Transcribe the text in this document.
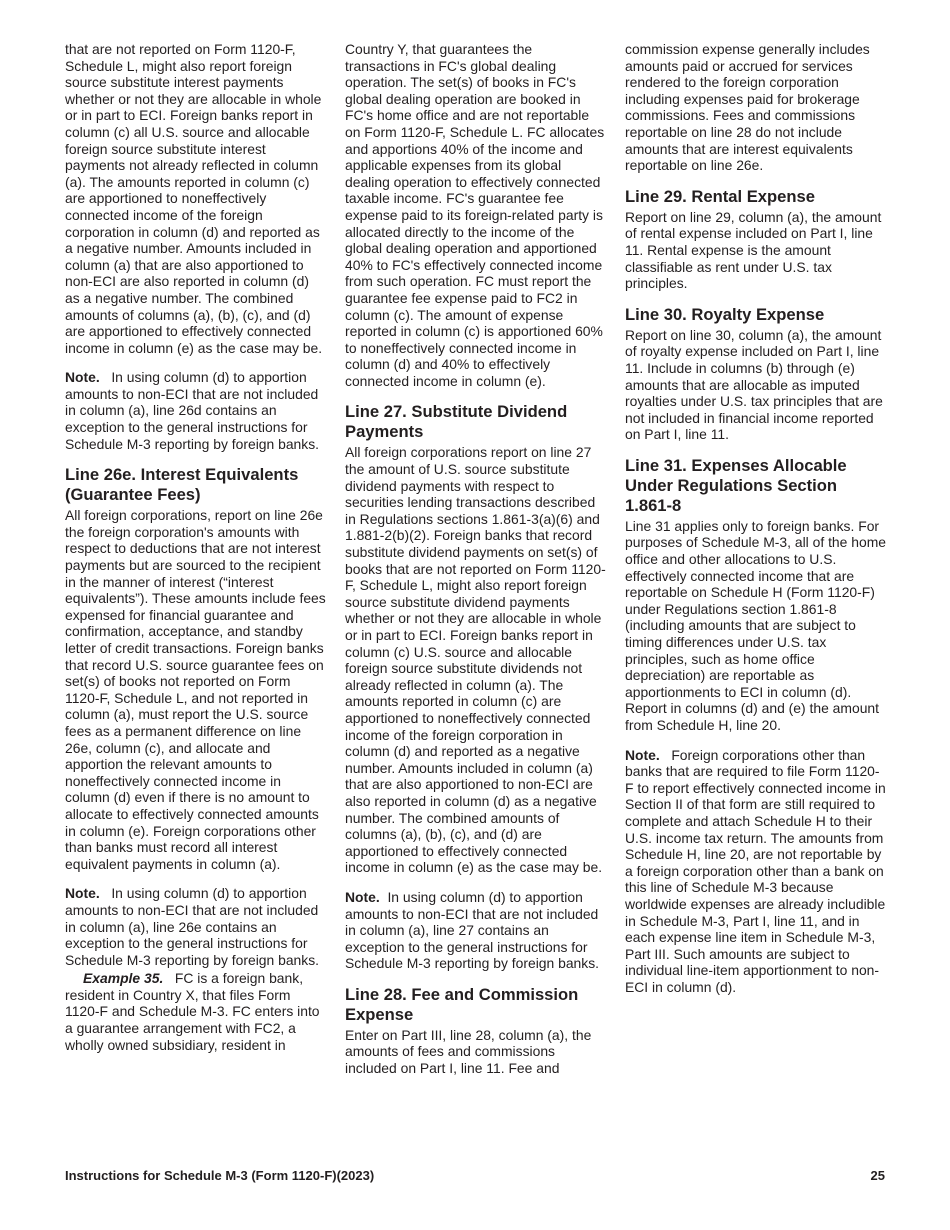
that are not reported on Form 1120-F, Schedule L, might also report foreign source substitute interest payments whether or not they are allocable in whole or in part to ECI. Foreign banks report in column (c) all U.S. source and allocable foreign source substitute interest payments not already reflected in column (a). The amounts reported in column (c) are apportioned to noneffectively connected income of the foreign corporation in column (d) and reported as a negative number. Amounts included in column (a) that are also apportioned to non-ECI are also reported in column (d) as a negative number. The combined amounts of columns (a), (b), (c), and (d) are apportioned to effectively connected income in column (e) as the case may be.

Note. In using column (d) to apportion amounts to non-ECI that are not included in column (a), line 26d contains an exception to the general instructions for Schedule M-3 reporting by foreign banks.

Line 26e. Interest Equivalents (Guarantee Fees)

All foreign corporations, report on line 26e the foreign corporation's amounts with respect to deductions that are not interest payments but are sourced to the recipient in the manner of interest (“interest equivalents”). These amounts include fees expensed for financial guarantee and confirmation, acceptance, and standby letter of credit transactions. Foreign banks that record U.S. source guarantee fees on set(s) of books not reported on Form 1120-F, Schedule L, and not reported in column (a), must report the U.S. source fees as a permanent difference on line 26e, column (c), and allocate and apportion the relevant amounts to noneffectively connected income in column (d) even if there is no amount to allocate to effectively connected amounts in column (e). Foreign corporations other than banks must record all interest equivalent payments in column (a).

Note. In using column (d) to apportion amounts to non-ECI that are not included in column (a), line 26e contains an exception to the general instructions for Schedule M-3 reporting by foreign banks.

Example 35. FC is a foreign bank, resident in Country X, that files Form 1120-F and Schedule M-3. FC enters into a guarantee arrangement with FC2, a wholly owned subsidiary, resident in

Country Y, that guarantees the transactions in FC's global dealing operation. The set(s) of books in FC's global dealing operation are booked in FC's home office and are not reportable on Form 1120-F, Schedule L. FC allocates and apportions 40% of the income and applicable expenses from its global dealing operation to effectively connected taxable income. FC's guarantee fee expense paid to its foreign-related party is allocated directly to the income of the global dealing operation and apportioned 40% to FC's effectively connected income from such operation. FC must report the guarantee fee expense paid to FC2 in column (c). The amount of expense reported in column (c) is apportioned 60% to noneffectively connected income in column (d) and 40% to effectively connected income in column (e).

Line 27. Substitute Dividend Payments

All foreign corporations report on line 27 the amount of U.S. source substitute dividend payments with respect to securities lending transactions described in Regulations sections 1.861-3(a)(6) and 1.881-2(b)(2). Foreign banks that record substitute dividend payments on set(s) of books that are not reported on Form 1120-F, Schedule L, might also report foreign source substitute dividend payments whether or not they are allocable in whole or in part to ECI. Foreign banks report in column (c) U.S. source and allocable foreign source substitute dividends not already reflected in column (a). The amounts reported in column (c) are apportioned to noneffectively connected income of the foreign corporation in column (d) and reported as a negative number. Amounts included in column (a) that are also apportioned to non-ECI are also reported in column (d) as a negative number. The combined amounts of columns (a), (b), (c), and (d) are apportioned to effectively connected income in column (e) as the case may be.

Note. In using column (d) to apportion amounts to non-ECI that are not included in column (a), line 27 contains an exception to the general instructions for Schedule M-3 reporting by foreign banks.

Line 28. Fee and Commission Expense

Enter on Part III, line 28, column (a), the amounts of fees and commissions included on Part I, line 11. Fee and

commission expense generally includes amounts paid or accrued for services rendered to the foreign corporation including expenses paid for brokerage commissions. Fees and commissions reportable on line 28 do not include amounts that are interest equivalents reportable on line 26e.

Line 29. Rental Expense

Report on line 29, column (a), the amount of rental expense included on Part I, line 11. Rental expense is the amount classifiable as rent under U.S. tax principles.

Line 30. Royalty Expense

Report on line 30, column (a), the amount of royalty expense included on Part I, line 11. Include in columns (b) through (e) amounts that are allocable as imputed royalties under U.S. tax principles that are not included in financial income reported on Part I, line 11.

Line 31. Expenses Allocable Under Regulations Section 1.861-8

Line 31 applies only to foreign banks. For purposes of Schedule M-3, all of the home office and other allocations to U.S. effectively connected income that are reportable on Schedule H (Form 1120-F) under Regulations section 1.861-8 (including amounts that are subject to timing differences under U.S. tax principles, such as home office depreciation) are reportable as apportionments to ECI in column (d). Report in columns (d) and (e) the amount from Schedule H, line 20.

Note. Foreign corporations other than banks that are required to file Form 1120-F to report effectively connected income in Section II of that form are still required to complete and attach Schedule H to their U.S. income tax return. The amounts from Schedule H, line 20, are not reportable by a foreign corporation other than a bank on this line of Schedule M-3 because worldwide expenses are already includible in Schedule M-3, Part I, line 11, and in each expense line item in Schedule M-3, Part III. Such amounts are subject to individual line-item apportionment to non-ECI in column (d).

Instructions for Schedule M-3 (Form 1120-F)(2023)	25
